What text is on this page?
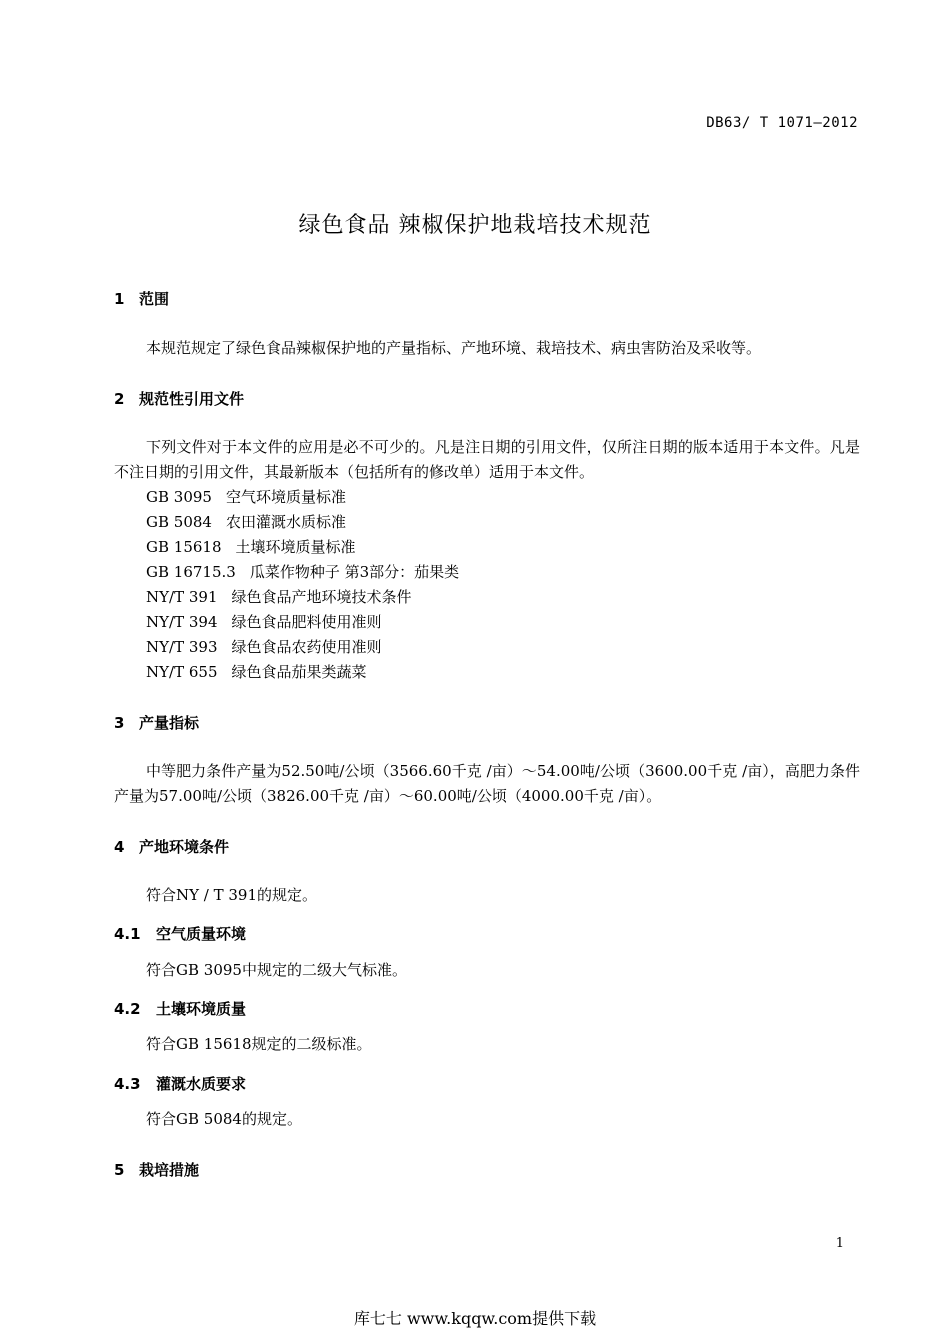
DB63/ T 1071—2012
绿色食品 辣椒保护地栽培技术规范
1 范围
本规范规定了绿色食品辣椒保护地的产量指标、产地环境、栽培技术、病虫害防治及采收等。
2 规范性引用文件
下列文件对于本文件的应用是必不可少的。凡是注日期的引用文件，仅所注日期的版本适用于本文件。凡是不注日期的引用文件，其最新版本（包括所有的修改单）适用于本文件。
GB 3095 空气环境质量标准
GB 5084 农田灌溉水质标准
GB 15618 土壤环境质量标准
GB 16715.3 瓜菜作物种子 第3部分：茄果类
NY/T 391 绿色食品产地环境技术条件
NY/T 394 绿色食品肥料使用准则
NY/T 393 绿色食品农药使用准则
NY/T 655 绿色食品茄果类蔬菜
3 产量指标
中等肥力条件产量为52.50吨/公顷（3566.60千克 /亩）～54.00吨/公顷（3600.00千克 /亩），高肥力条件产量为57.00吨/公顷（3826.00千克 /亩）～60.00吨/公顷（4000.00千克 /亩）。
4 产地环境条件
符合NY / T 391的规定。
4.1 空气质量环境
符合GB 3095中规定的二级大气标准。
4.2 土壤环境质量
符合GB 15618规定的二级标准。
4.3 灌溉水质要求
符合GB 5084的规定。
5 栽培措施
1
库七七 www.kqqw.com提供下载
